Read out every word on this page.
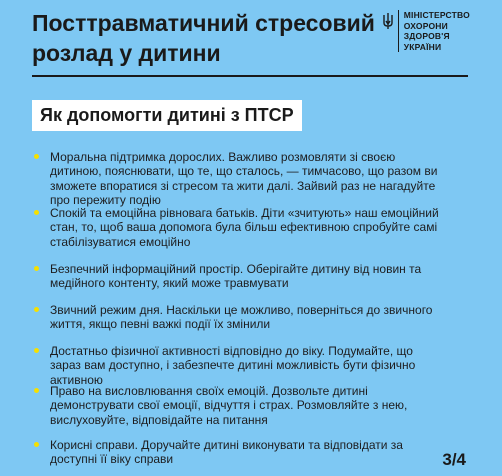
Посттравматичний стресовий
розлад у дитини
МІНІСТЕРСТВО
ОХОРОНИ
ЗДОРОВ'Я
УКРАЇНИ
Як допомогти дитині з ПТСР
Моральна підтримка дорослих. Важливо розмовляти зі своєю дитиною, пояснювати, що те, що сталось, — тимчасово, що разом ви зможете впоратися зі стресом та жити далі. Зайвий раз не нагадуйте про пережиту подію
Спокій та емоційна рівновага батьків. Діти «зчитують» наш емоційний стан, то, щоб ваша допомога була більш ефективною спробуйте самі стабілізуватися емоційно
Безпечний інформаційний простір. Оберігайте дитину від новин та медійного контенту, який може травмувати
Звичний режим дня. Наскільки це можливо, поверніться до звичного життя, якщо певні важкі події їх змінили
Достатньо фізичної активності відповідно до віку. Подумайте, що зараз вам доступно, і забезпечте дитині можливість бути фізично активною
Право на висловлювання своїх емоцій. Дозвольте дитині демонструвати свої емоції, відчуття і страх. Розмовляйте з нею, вислуховуйте, відповідайте на питання
Корисні справи. Доручайте дитині виконувати та відповідати за доступні її віку справи	3/4
